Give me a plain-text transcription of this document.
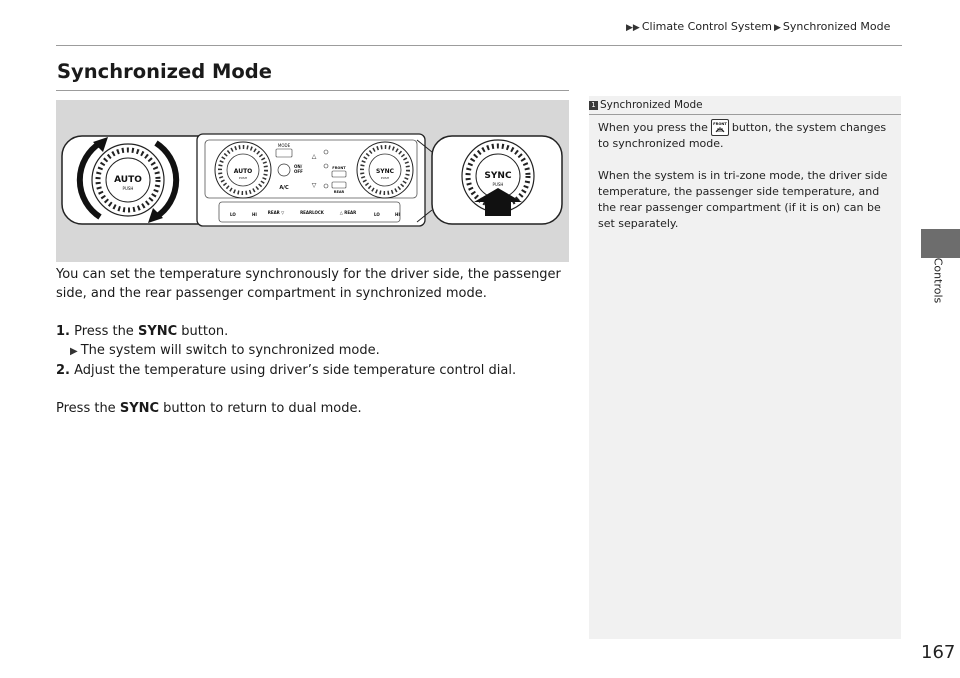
▶▶ Climate Control System ▶ Synchronized Mode
Controls
Synchronized Mode
AUTO
PUSH
AUTO
PUSH
SYNC
PUSH
MODE
ON/
OFF
A/C
△
▽
FRONT
REAR
LO	HI	REAR ▽	REARLOCK	△ REAR	LO	HI
SYNC
PUSH

You can set the temperature synchronously for the driver side, the passenger side, and the rear passenger compartment in synchronized mode.

1. Press the SYNC button.

▶ The system will switch to synchronized mode.

2. Adjust the temperature using driver’s side temperature control dial.

Press the SYNC button to return to dual mode.

1 Synchronized Mode

When you press the FRONT button, the system changes to synchronized mode.

When the system is in tri-zone mode, the driver side temperature, the passenger side temperature, and the rear passenger compartment (if it is on) can be set separately.

167
